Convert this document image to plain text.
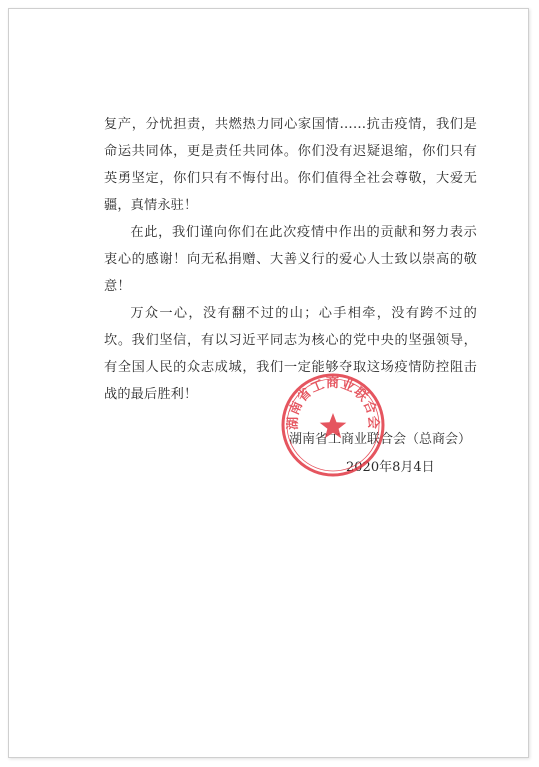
复产，分忧担责，共燃热力同心家国情……抗击疫情，我们是命运共同体，更是责任共同体。你们没有迟疑退缩，你们只有英勇坚定，你们只有不悔付出。你们值得全社会尊敬，大爱无疆，真情永驻！

在此，我们谨向你们在此次疫情中作出的贡献和努力表示衷心的感谢！向无私捐赠、大善义行的爱心人士致以崇高的敬意！

万众一心，没有翻不过的山；心手相牵，没有跨不过的坎。我们坚信，有以习近平同志为核心的党中央的坚强领导，有全国人民的众志成城，我们一定能够夺取这场疫情防控阻击战的最后胜利！

湖南省工商业联合会（总商会）
2020年8月4日
湖南省工商业联合会
